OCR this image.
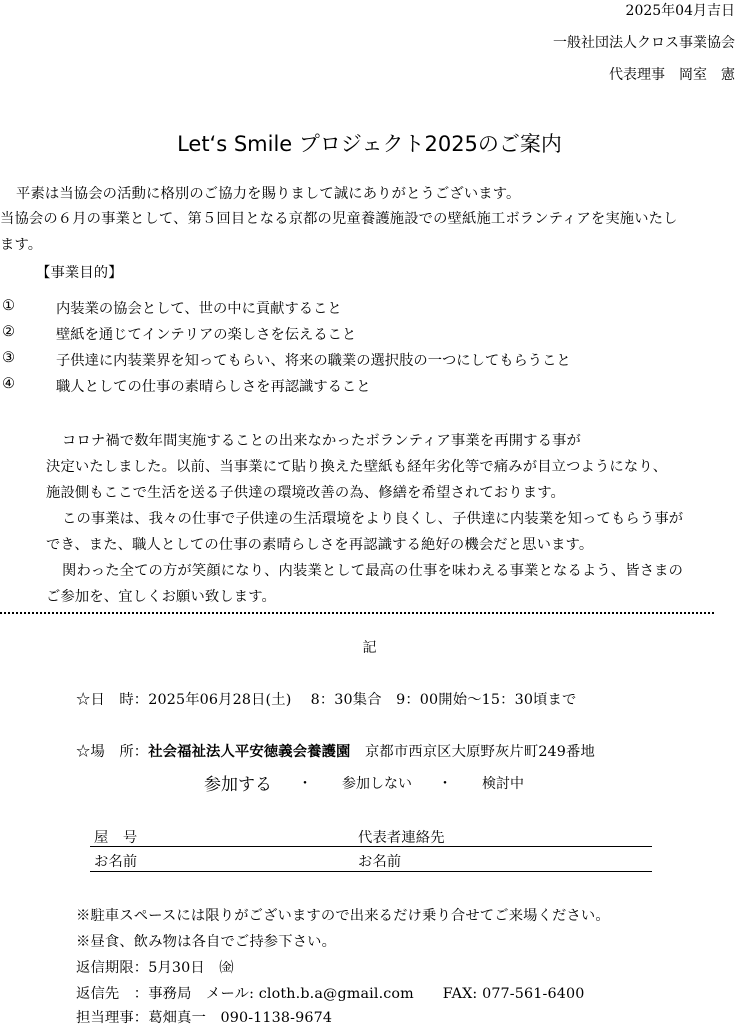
2025年04月吉日
一般社団法人クロス事業協会
代表理事　岡室　憲
Let‘s Smile プロジェクト2025のご案内
平素は当協会の活動に格別のご協力を賜りまして誠にありがとうございます。
当協会の６月の事業として、第５回目となる京都の児童養護施設での壁紙施工ボランティアを実施いたし
ます。
【事業目的】
①	内装業の協会として、世の中に貢献すること
②	壁紙を通じてインテリアの楽しさを伝えること
③	子供達に内装業界を知ってもらい、将来の職業の選択肢の一つにしてもらうこと
④	職人としての仕事の素晴らしさを再認識すること
コロナ禍で数年間実施することの出来なかったボランティア事業を再開する事が
決定いたしました。以前、当事業にて貼り換えた壁紙も経年劣化等で痛みが目立つようになり、
施設側もここで生活を送る子供達の環境改善の為、修繕を希望されております。
この事業は、我々の仕事で子供達の生活環境をより良くし、子供達に内装業を知ってもらう事が
でき、また、職人としての仕事の素晴らしさを再認識する絶好の機会だと思います。
関わった全ての方が笑顔になり、内装業として最高の仕事を味わえる事業となるよう、皆さまの
ご参加を、宜しくお願い致します。
記
☆日　時：2025年06月28日(土)　 8：30集合　9：00開始～15：30頃まで
☆場　所：社会福祉法人平安徳義会養護園　 京都市西京区大原野灰片町249番地
参加する ・ 参加しない ・ 検討中
屋　号	代表者連絡先
お名前	お名前
※駐車スペースには限りがございますので出来るだけ乗り合せてご来場ください。
※昼食、飲み物は各自でご持参下さい。
返信期限：5月30日　㈮
返信先　：事務局　メール: cloth.b.a@gmail.com　　FAX: 077-561-6400
担当理事：葛畑真一　090-1138-9674
